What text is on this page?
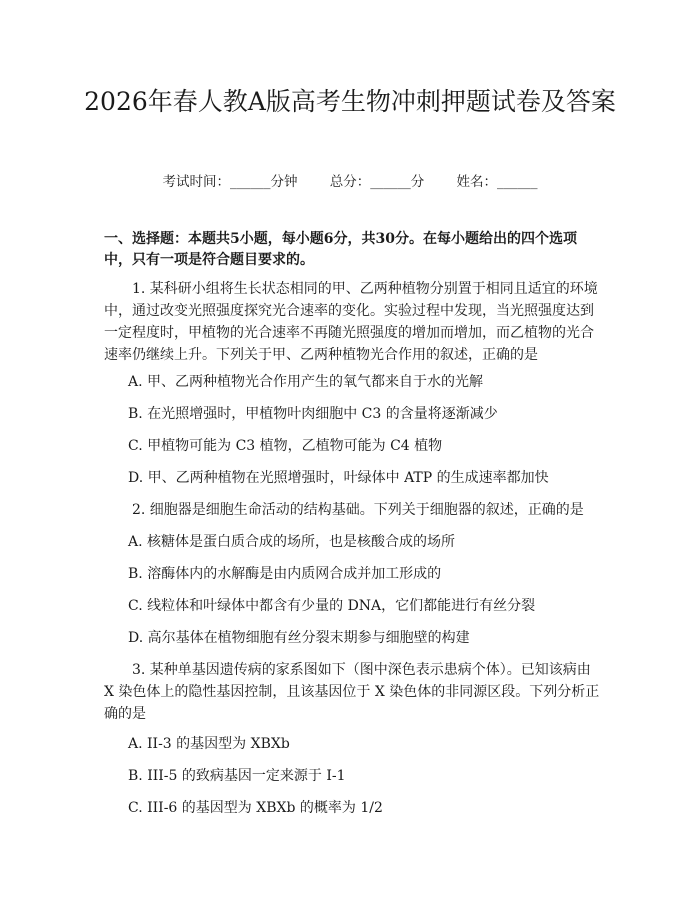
2026年春人教A版高考生物冲刺押题试卷及答案
考试时间：______分钟 总分：______分 姓名：______

一、选择题：本题共5小题，每小题6分，共30分。在每小题给出的四个选项中，只有一项是符合题目要求的。

1. 某科研小组将生长状态相同的甲、乙两种植物分别置于相同且适宜的环境中，通过改变光照强度探究光合速率的变化。实验过程中发现，当光照强度达到一定程度时，甲植物的光合速率不再随光照强度的增加而增加，而乙植物的光合速率仍继续上升。下列关于甲、乙两种植物光合作用的叙述，正确的是

A. 甲、乙两种植物光合作用产生的氧气都来自于水的光解

B. 在光照增强时，甲植物叶肉细胞中 C3 的含量将逐渐减少

C. 甲植物可能为 C3 植物，乙植物可能为 C4 植物

D. 甲、乙两种植物在光照增强时，叶绿体中 ATP 的生成速率都加快

2. 细胞器是细胞生命活动的结构基础。下列关于细胞器的叙述，正确的是

A. 核糖体是蛋白质合成的场所，也是核酸合成的场所

B. 溶酶体内的水解酶是由内质网合成并加工形成的

C. 线粒体和叶绿体中都含有少量的 DNA，它们都能进行有丝分裂

D. 高尔基体在植物细胞有丝分裂末期参与细胞壁的构建

3. 某种单基因遗传病的家系图如下（图中深色表示患病个体）。已知该病由 X 染色体上的隐性基因控制，且该基因位于 X 染色体的非同源区段。下列分析正确的是

A. II-3 的基因型为 XBXb

B. III-5 的致病基因一定来源于 I-1

C. III-6 的基因型为 XBXb 的概率为 1/2
